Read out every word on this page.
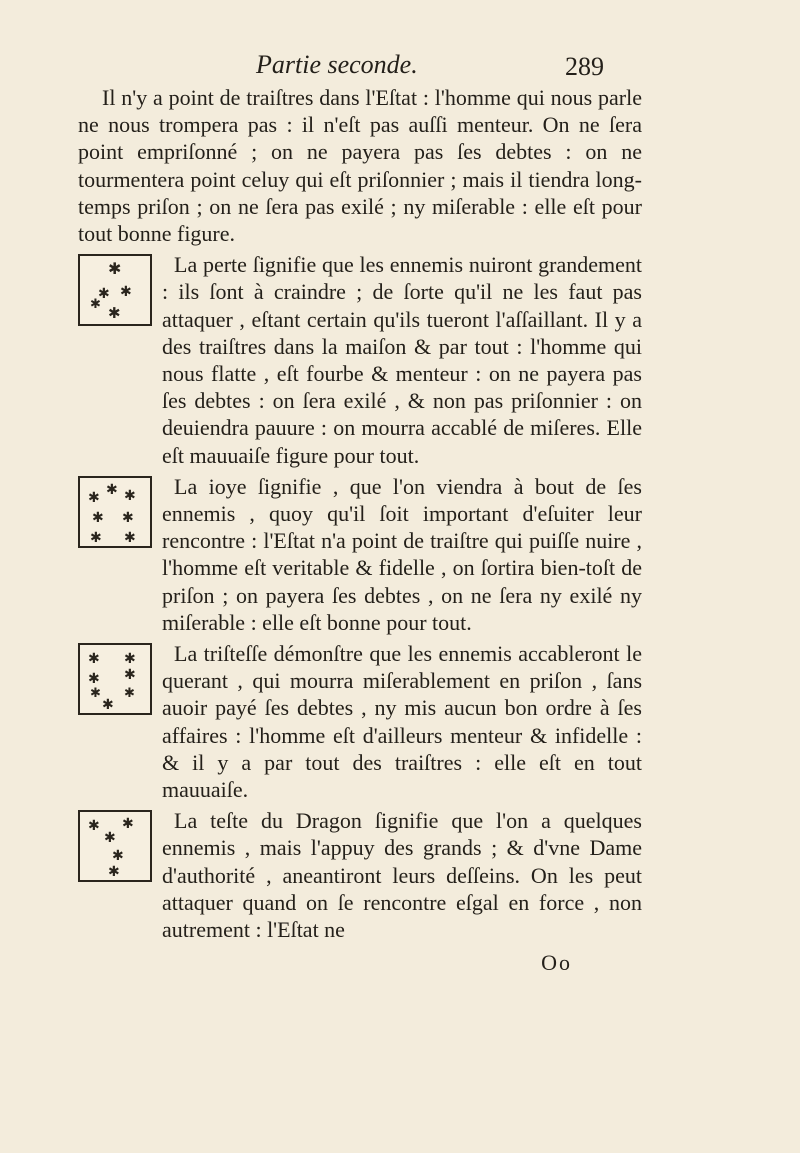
Partie seconde.	289

Il n'y a point de traiſtres dans l'Eſtat : l'homme qui nous parle ne nous trompera pas : il n'eſt pas auſſi menteur. On ne ſera point empriſonné ; on ne payera pas ſes debtes : on ne tourmentera point celuy qui eſt priſonnier ; mais il tiendra long-temps priſon ; on ne ſera pas exilé ; ny miſerable : elle eſt pour tout bonne figure.

✱
✱ ✱
✱
✱

La perte ſignifie que les ennemis nuiront grandement : ils ſont à craindre ; de ſorte qu'il ne les faut pas attaquer , eſtant certain qu'ils tueront l'aſſaillant. Il y a des traiſtres dans la maiſon & par tout : l'homme qui nous flatte , eſt fourbe & menteur : on ne payera pas ſes debtes : on ſera exilé , & non pas priſonnier : on deuiendra pauure : on mourra accablé de miſeres. Elle eſt mauuaiſe figure pour tout.

✱
✱ ✱
✱ ✱
✱ ✱

La ioye ſignifie , que l'on viendra à bout de ſes ennemis , quoy qu'il ſoit important d'eſuiter leur rencontre : l'Eſtat n'a point de traiſtre qui puiſſe nuire , l'homme eſt veritable & fidelle , on ſortira bien-toſt de priſon ; on payera ſes debtes , on ne ſera ny exilé ny miſerable : elle eſt bonne pour tout.

✱ ✱
✱ ✱
✱ ✱
✱

La triſteſſe démonſtre que les ennemis accableront le querant , qui mourra miſerablement en priſon , ſans auoir payé ſes debtes , ny mis aucun bon ordre à ſes affaires : l'homme eſt d'ailleurs menteur & infidelle : & il y a par tout des traiſtres : elle eſt en tout mauuaiſe.

✱ ✱
✱
✱
✱

La teſte du Dragon ſignifie que l'on a quelques ennemis , mais l'appuy des grands ; & d'vne Dame d'authorité , aneantiront leurs deſſeins. On les peut attaquer quand on ſe rencontre eſgal en force , non autrement : l'Eſtat ne

Oo
